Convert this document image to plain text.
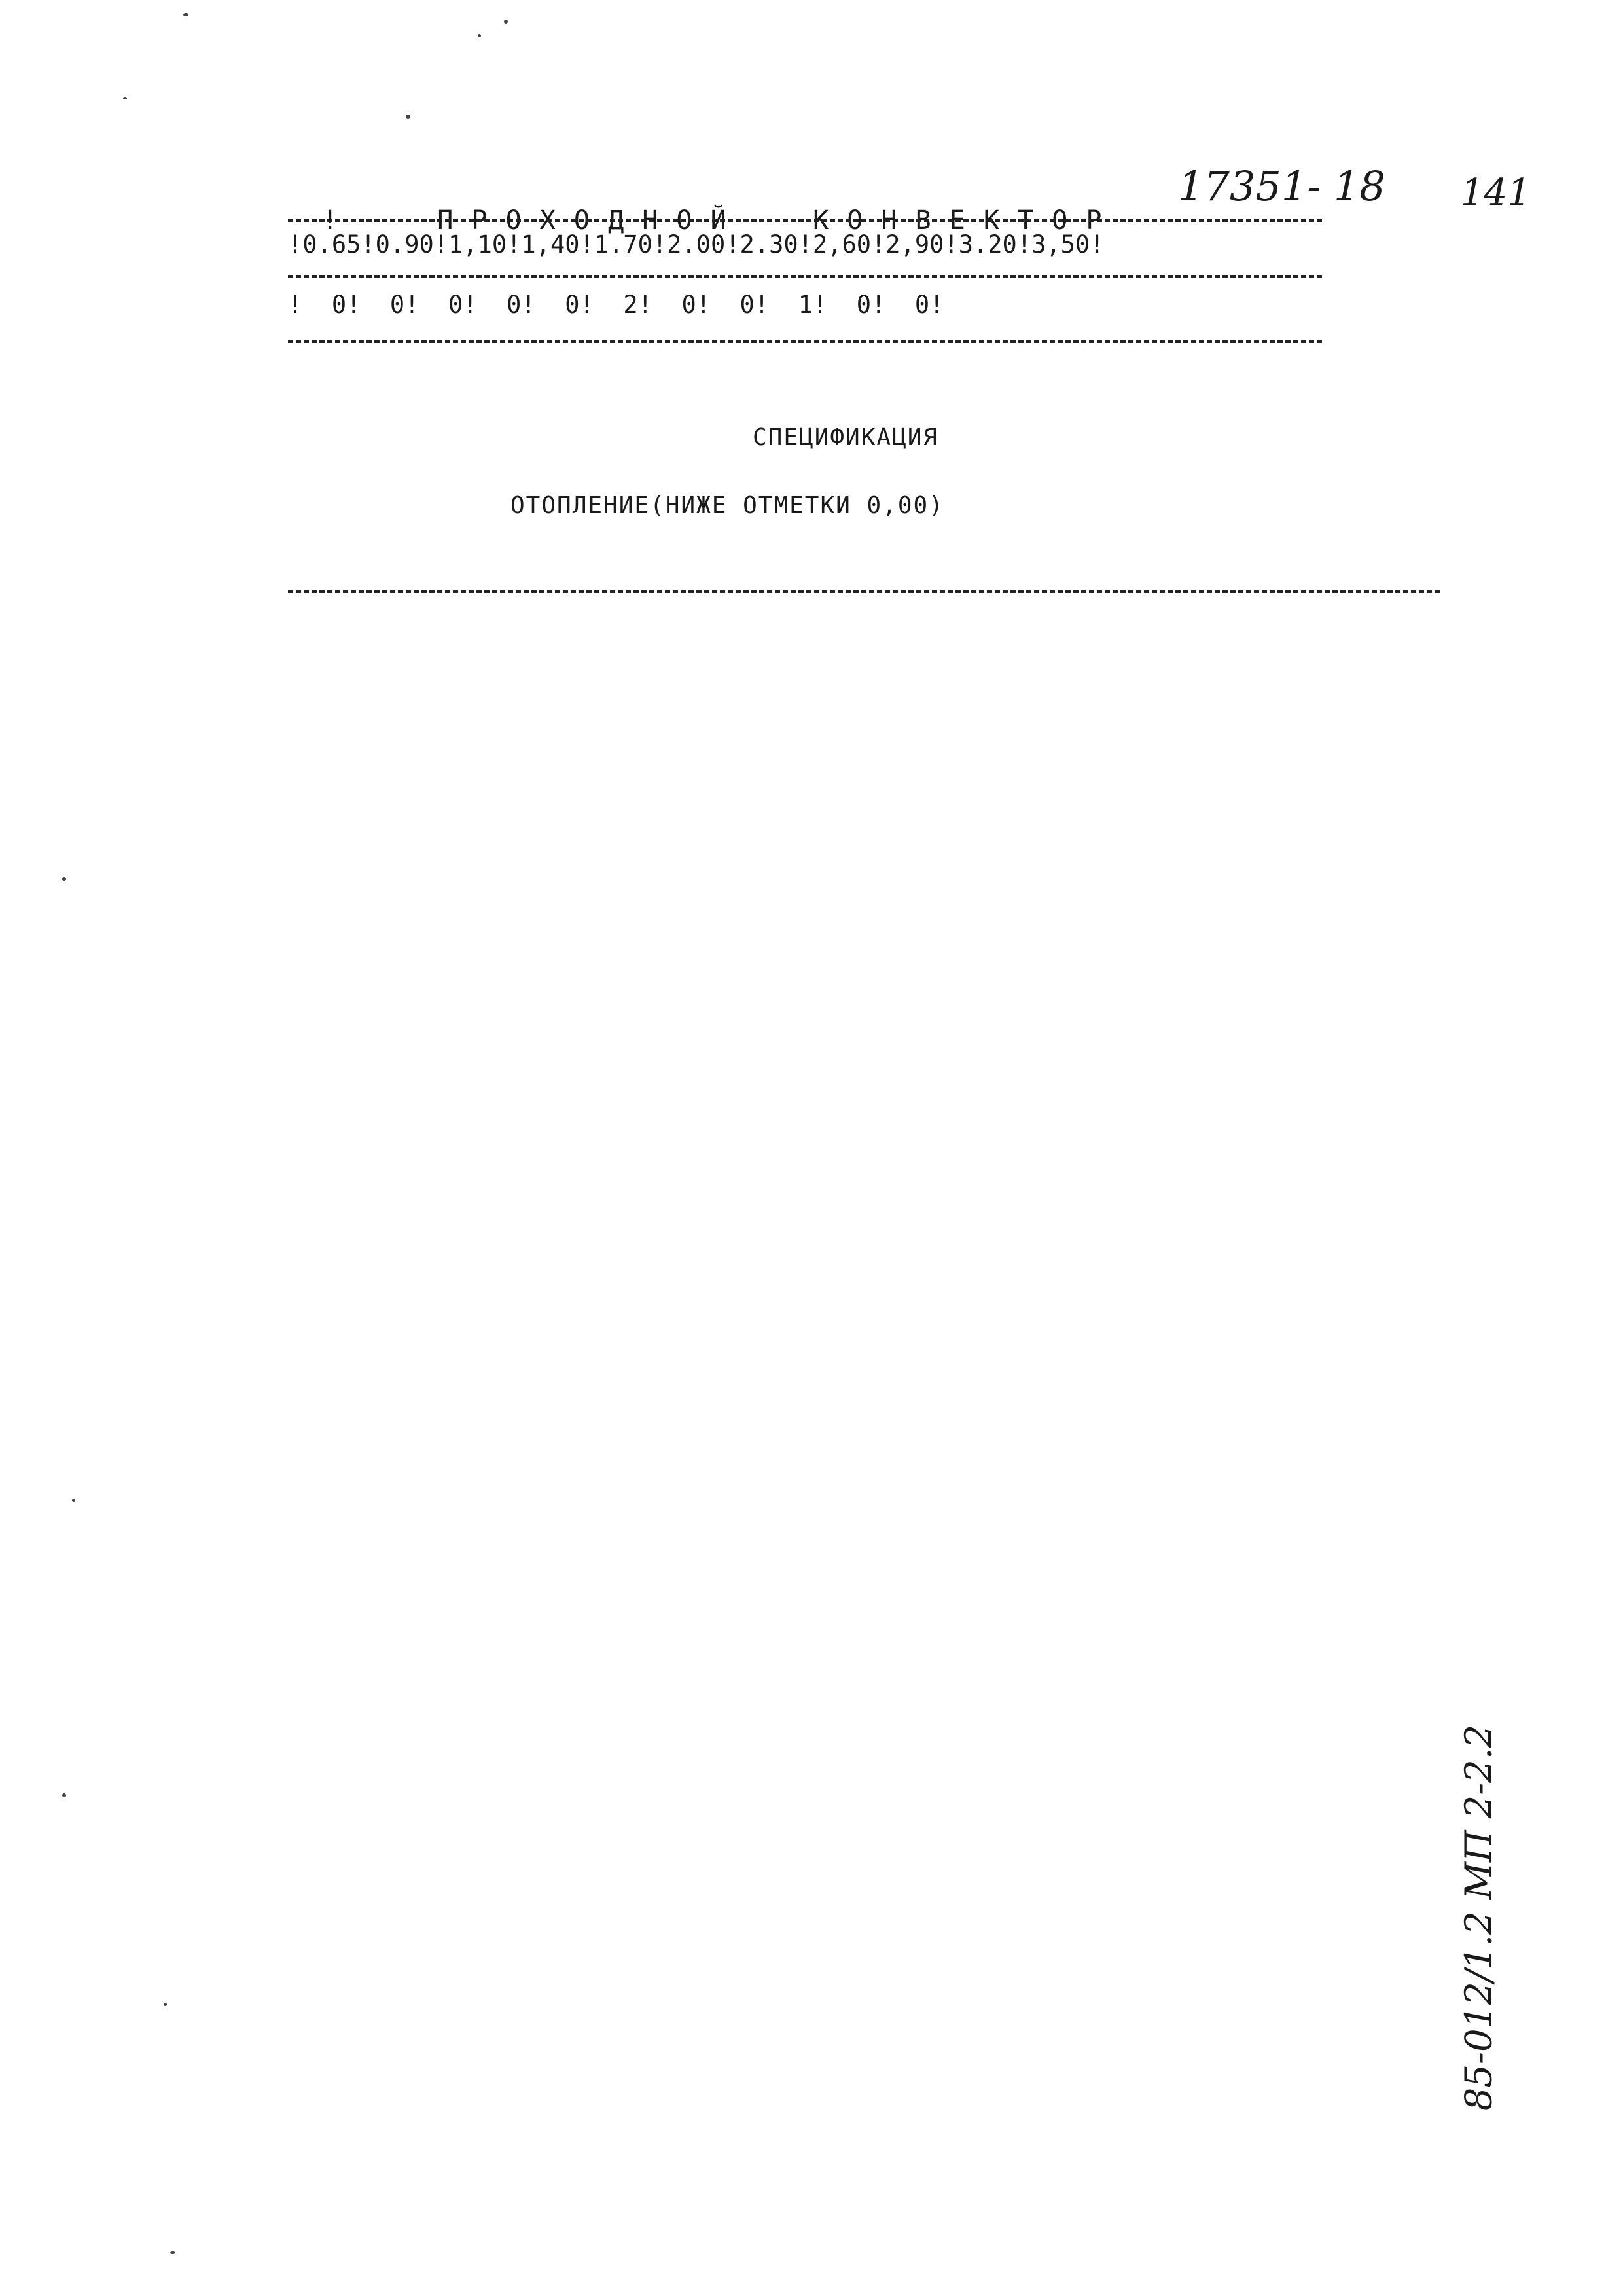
!	П Р О Х О Д Н О Й     К О Н В Е К Т О Р

17351- 18 141
!0.65!0.90!1,10!1,40!1.70!2.00!2.30!2,60!2,90!3.20!3,50!
!  0!  0!  0!  0!  0!  2!  0!  0!  1!  0!  0!
СПЕЦИФИКАЦИЯ
ОТОПЛЕНИЕ(НИЖЕ ОТМЕТКИ 0,00)
85-012/1.2 МП 2-2.2
